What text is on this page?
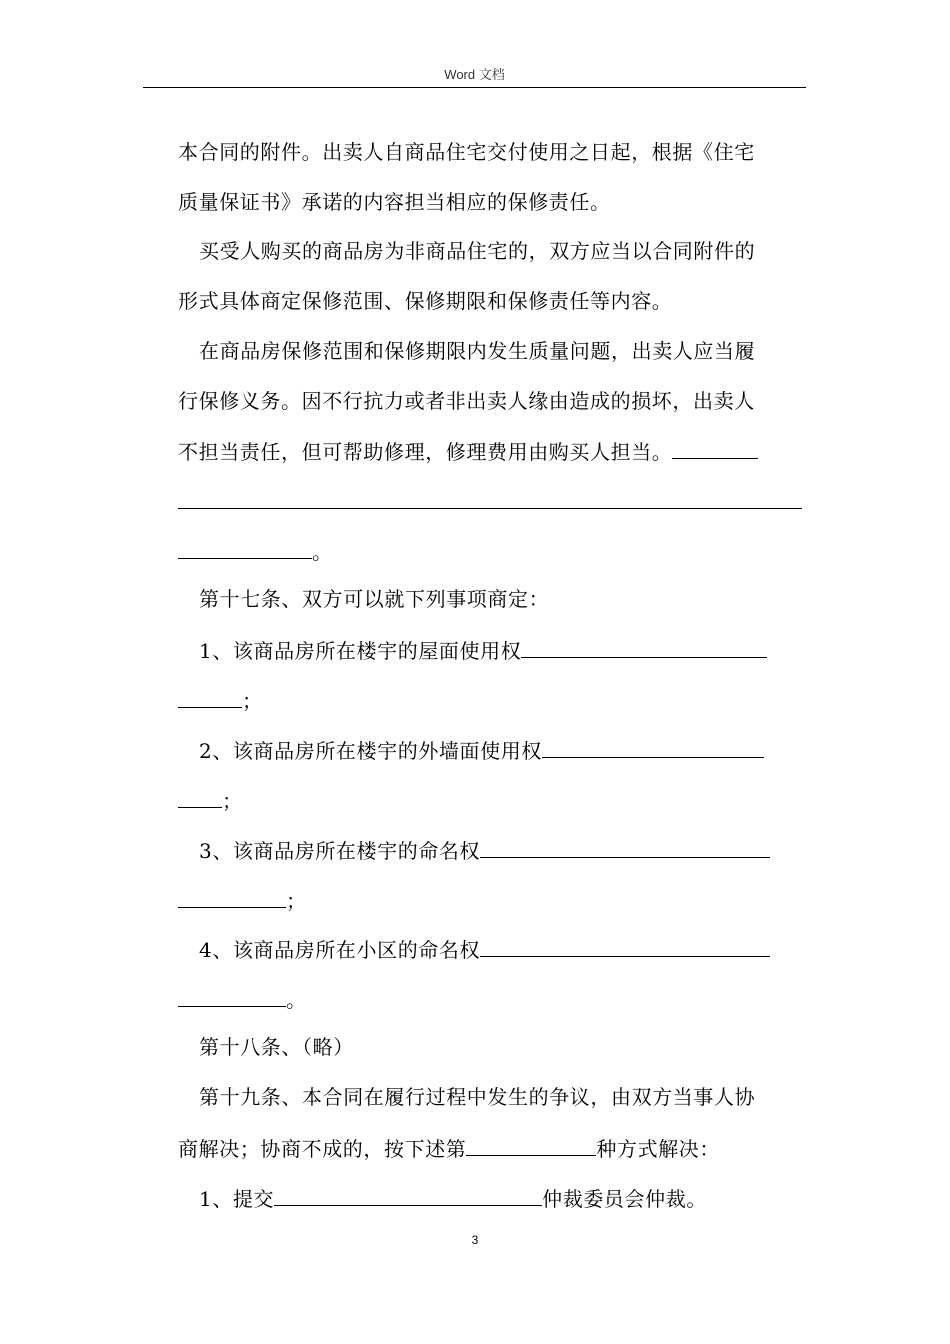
Word 文档
本合同的附件。出卖人自商品住宅交付使用之日起，根据《住宅
质量保证书》承诺的内容担当相应的保修责任。
买受人购买的商品房为非商品住宅的，双方应当以合同附件的
形式具体商定保修范围、保修期限和保修责任等内容。
在商品房保修范围和保修期限内发生质量问题，出卖人应当履
行保修义务。因不行抗力或者非出卖人缘由造成的损坏，出卖人
不担当责任，但可帮助修理，修理费用由购买人担当。
。
第十七条、双方可以就下列事项商定：
1、该商品房所在楼宇的屋面使用权
；
2、该商品房所在楼宇的外墙面使用权
；
3、该商品房所在楼宇的命名权
；
4、该商品房所在小区的命名权
。
第十八条、（略）
第十九条、本合同在履行过程中发生的争议，由双方当事人协
商解决；协商不成的，按下述第	种方式解决：
1、提交	仲裁委员会仲裁。
3
